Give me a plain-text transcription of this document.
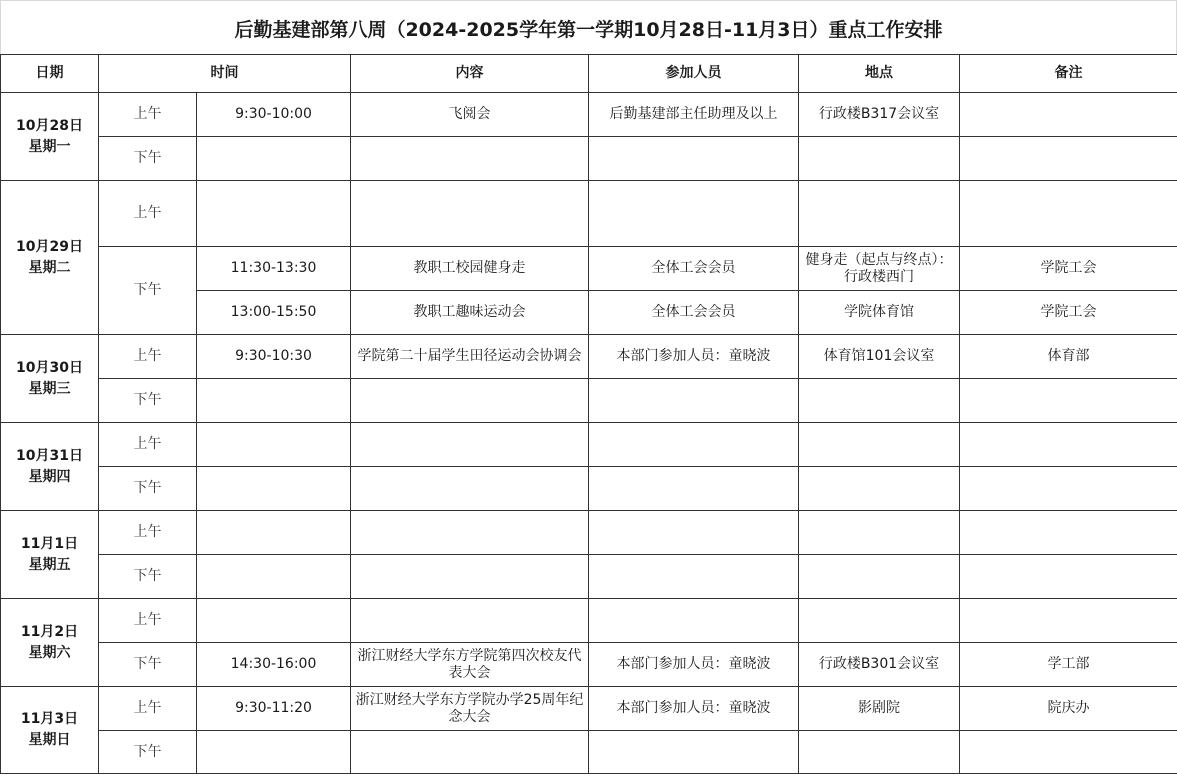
后勤基建部第八周（2024-2025学年第一学期10月28日-11月3日）重点工作安排
日期	时间		内容	参加人员	地点	备注

10月28日
星期一	上午	9:30-10:00	飞阅会	后勤基建部主任助理及以上	行政楼B317会议室	
	下午					

10月29日
星期二	上午					
	下午	11:30-13:30	教职工校园健身走	全体工会会员	健身走（起点与终点）：行政楼西门	学院工会
		13:00-15:50	教职工趣味运动会	全体工会会员	学院体育馆	学院工会

10月30日
星期三	上午	9:30-10:30	学院第二十届学生田径运动会协调会	本部门参加人员：童晓波	体育馆101会议室	体育部
	下午					

10月31日
星期四	上午					
	下午					

11月1日
星期五	上午					
	下午					

11月2日
星期六	上午					
	下午	14:30-16:00	浙江财经大学东方学院第四次校友代表大会	本部门参加人员：童晓波	行政楼B301会议室	学工部

11月3日
星期日	上午	9:30-11:20	浙江财经大学东方学院办学25周年纪念大会	本部门参加人员：童晓波	影剧院	院庆办
	下午					
